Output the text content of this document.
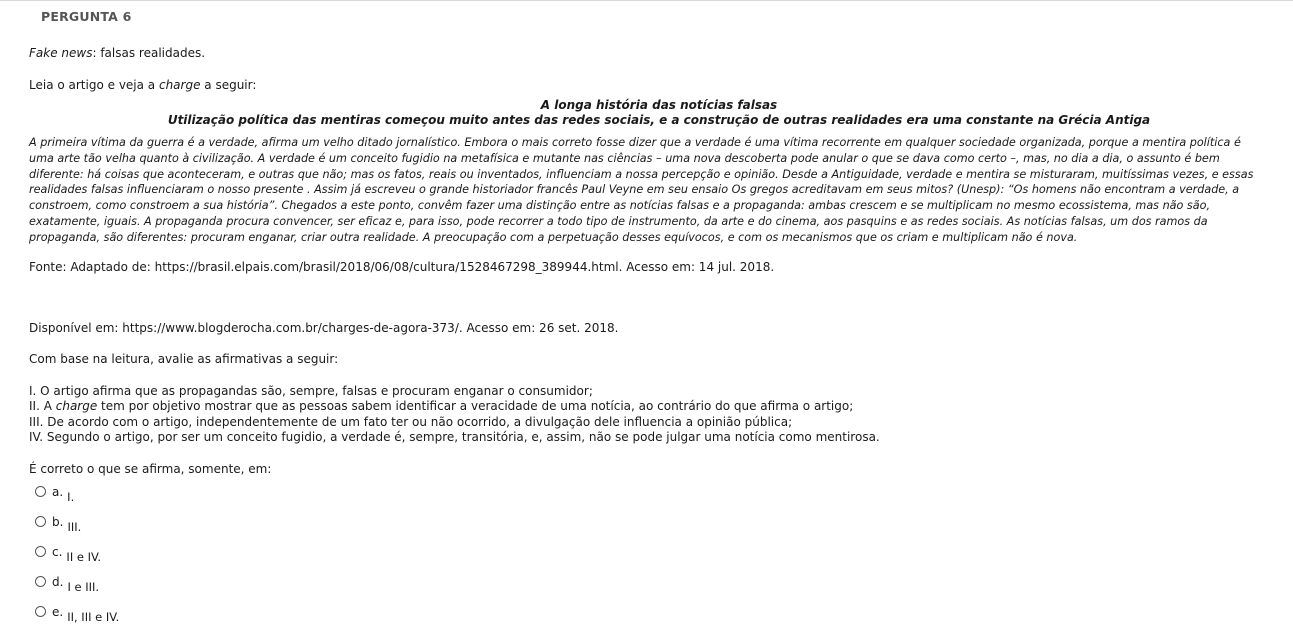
PERGUNTA 6
Fake news: falsas realidades.
Leia o artigo e veja a charge a seguir:
A longa história das notícias falsas
Utilização política das mentiras começou muito antes das redes sociais, e a construção de outras realidades era uma constante na Grécia Antiga
A primeira vítima da guerra é a verdade, afirma um velho ditado jornalístico. Embora o mais correto fosse dizer que a verdade é uma vítima recorrente em qualquer sociedade organizada, porque a mentira política é
uma arte tão velha quanto à civilização. A verdade é um conceito fugidio na metafísica e mutante nas ciências – uma nova descoberta pode anular o que se dava como certo –, mas, no dia a dia, o assunto é bem
diferente: há coisas que aconteceram, e outras que não; mas os fatos, reais ou inventados, influenciam a nossa percepção e opinião. Desde a Antiguidade, verdade e mentira se misturaram, muitíssimas vezes, e essas
realidades falsas influenciaram o nosso presente . Assim já escreveu o grande historiador francês Paul Veyne em seu ensaio Os gregos acreditavam em seus mitos? (Unesp): “Os homens não encontram a verdade, a
constroem, como constroem a sua história”. Chegados a este ponto, convêm fazer uma distinção entre as notícias falsas e a propaganda: ambas crescem e se multiplicam no mesmo ecossistema, mas não são,
exatamente, iguais. A propaganda procura convencer, ser eficaz e, para isso, pode recorrer a todo tipo de instrumento, da arte e do cinema, aos pasquins e as redes sociais. As notícias falsas, um dos ramos da
propaganda, são diferentes: procuram enganar, criar outra realidade. A preocupação com a perpetuação desses equívocos, e com os mecanismos que os criam e multiplicam não é nova.
Fonte: Adaptado de: https://brasil.elpais.com/brasil/2018/06/08/cultura/1528467298_389944.html. Acesso em: 14 jul. 2018.
Disponível em: https://www.blogderocha.com.br/charges-de-agora-373/. Acesso em: 26 set. 2018.
Com base na leitura, avalie as afirmativas a seguir:
I. O artigo afirma que as propagandas são, sempre, falsas e procuram enganar o consumidor;
II. A charge tem por objetivo mostrar que as pessoas sabem identificar a veracidade de uma notícia, ao contrário do que afirma o artigo;
III. De acordo com o artigo, independentemente de um fato ter ou não ocorrido, a divulgação dele influencia a opinião pública;
IV. Segundo o artigo, por ser um conceito fugidio, a verdade é, sempre, transitória, e, assim, não se pode julgar uma notícia como mentirosa.
É correto o que se afirma, somente, em:
a. I.
b. III.
c. II e IV.
d. I e III.
e. II, III e IV.
